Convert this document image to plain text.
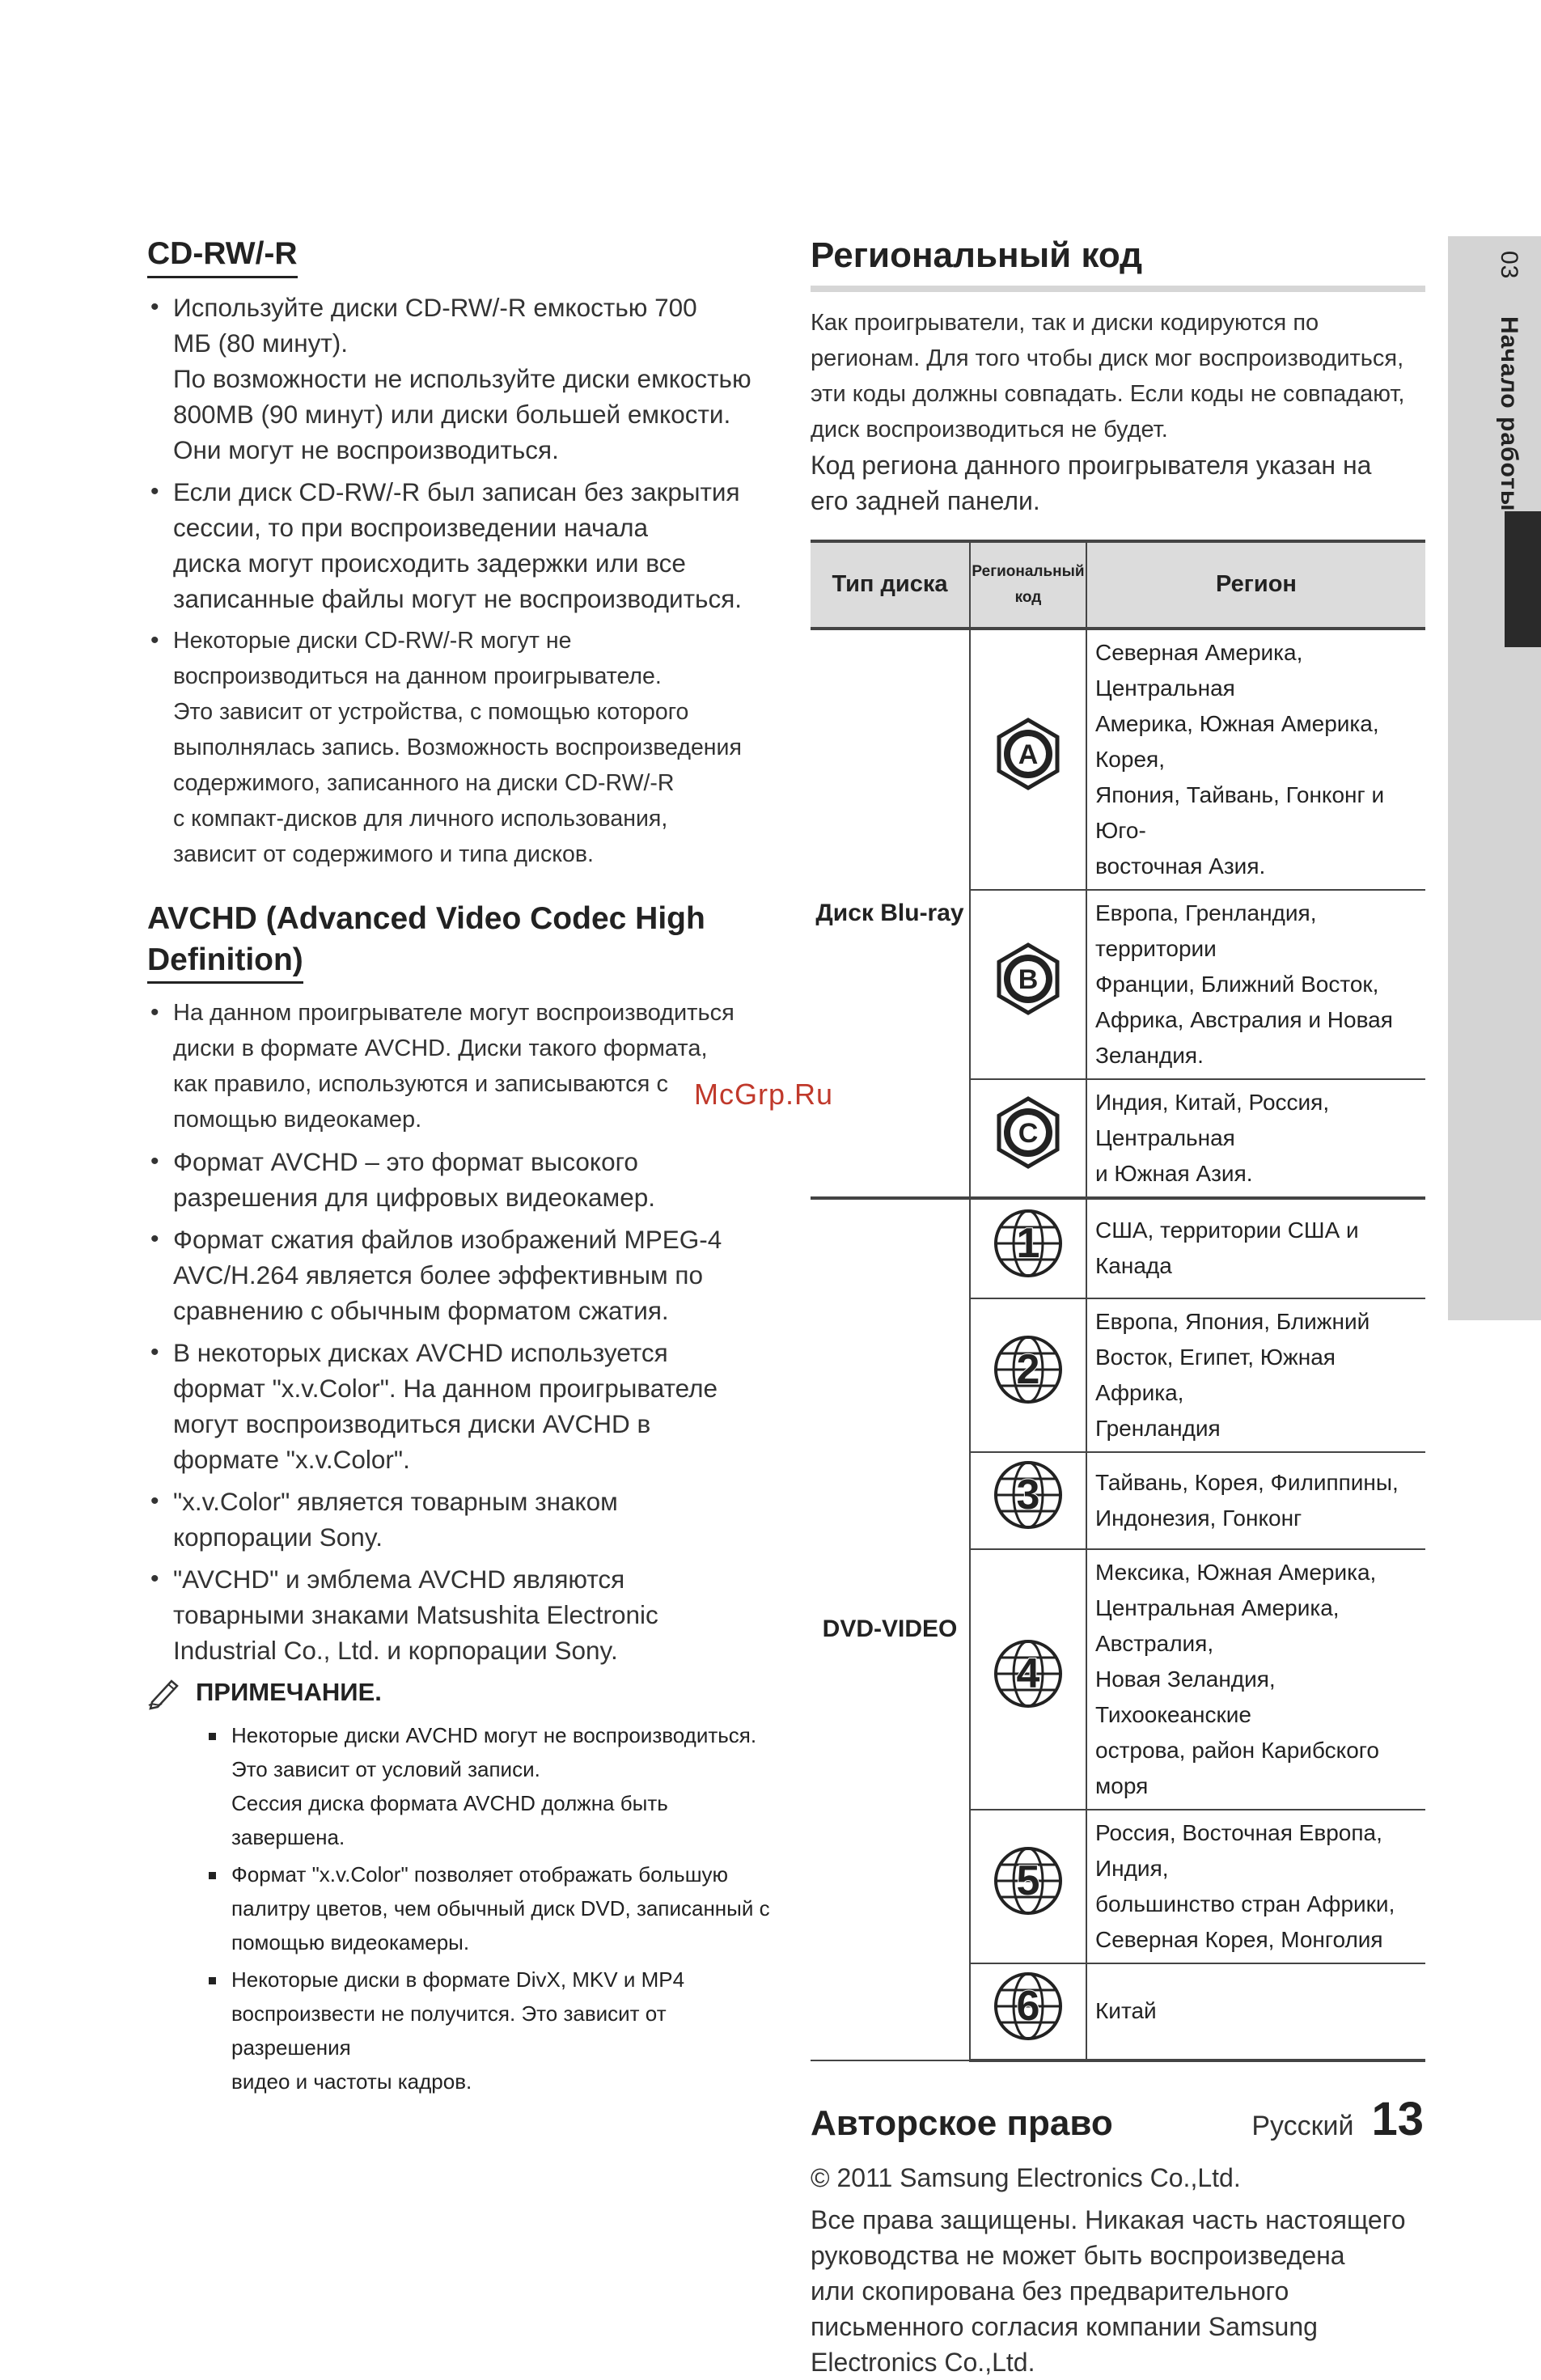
CD-RW/-R
• Используйте диски CD-RW/-R емкостью 700
МБ (80 минут).
По возможности не используйте диски емкостью
800MB (90 минут) или диски большей емкости.
Они могут не воспроизводиться.
• Если диск CD-RW/-R был записан без закрытия
сессии, то при воспроизведении начала
диска могут происходить задержки или все
записанные файлы могут не воспроизводиться.
• Некоторые диски CD-RW/-R могут не
воспроизводиться на данном проигрывателе.
Это зависит от устройства, с помощью которого
выполнялась запись. Возможность воспроизведения
содержимого, записанного на диски CD-RW/-R
с компакт-дисков для личного использования,
зависит от содержимого и типа дисков.
AVCHD (Advanced Video Codec High
Definition)
• На данном проигрывателе могут воспроизводиться
диски в формате AVCHD. Диски такого формата,
как правило, используются и записываются с
помощью видеокамер.
• Формат AVCHD – это формат высокого
разрешения для цифровых видеокамер.
• Формат сжатия файлов изображений MPEG-4
AVC/H.264 является более эффективным по
сравнению с обычным форматом сжатия.
• В некоторых дисках AVCHD используется
формат "x.v.Color". На данном проигрывателе
могут воспроизводиться диски AVCHD в
формате "x.v.Color".
• "x.v.Color" является товарным знаком
корпорации Sony.
• "AVCHD" и эмблема AVCHD являются
товарными знаками Matsushita Electronic
Industrial Co., Ltd. и корпорации Sony.
ПРИМЕЧАНИЕ.
Некоторые диски AVCHD могут не воспроизводиться.
Это зависит от условий записи.
Сессия диска формата AVCHD должна быть завершена.
Формат "x.v.Color" позволяет отображать большую
палитру цветов, чем обычный диск DVD, записанный с
помощью видеокамеры.
Некоторые диски в формате DivX, MKV и MP4
воспроизвести не получится. Это зависит от разрешения
видео и частоты кадров.
Региональный код
Как проигрыватели, так и диски кодируются по
регионам. Для того чтобы диск мог воспроизводиться,
эти коды должны совпадать. Если коды не совпадают,
диск воспроизводиться не будет.
Код региона данного проигрывателя указан на
его задней панели.
Тип диска	Региональный
код	Регион
Диск Blu-ray	A	Северная Америка, Центральная
Америка, Южная Америка, Корея,
Япония, Тайвань, Гонконг и Юго-
восточная Азия.

B	Европа, Гренландия, территории
Франции, Ближний Восток,
Африка, Австралия и Новая
Зеландия.

C	Индия, Китай, Россия, Центральная
и Южная Азия.

DVD-VIDEO	1	США, территории США и Канада

2	Европа, Япония, Ближний
Восток, Египет, Южная Африка,
Гренландия

3	Тайвань, Корея, Филиппины,
Индонезия, Гонконг

4	Мексика, Южная Америка,
Центральная Америка, Австралия,
Новая Зеландия, Тихоокеанские
острова, район Карибского моря

5	Россия, Восточная Европа, Индия,
большинство стран Африки,
Северная Корея, Монголия

6	Китай
Авторское право
© 2011 Samsung Electronics Co.,Ltd.
Все права защищены. Никакая часть настоящего
руководства не может быть воспроизведена
или скопирована без предварительного
письменного согласия компании Samsung
Electronics Co.,Ltd.
03 Начало работы
McGrp.Ru
Русский 13
